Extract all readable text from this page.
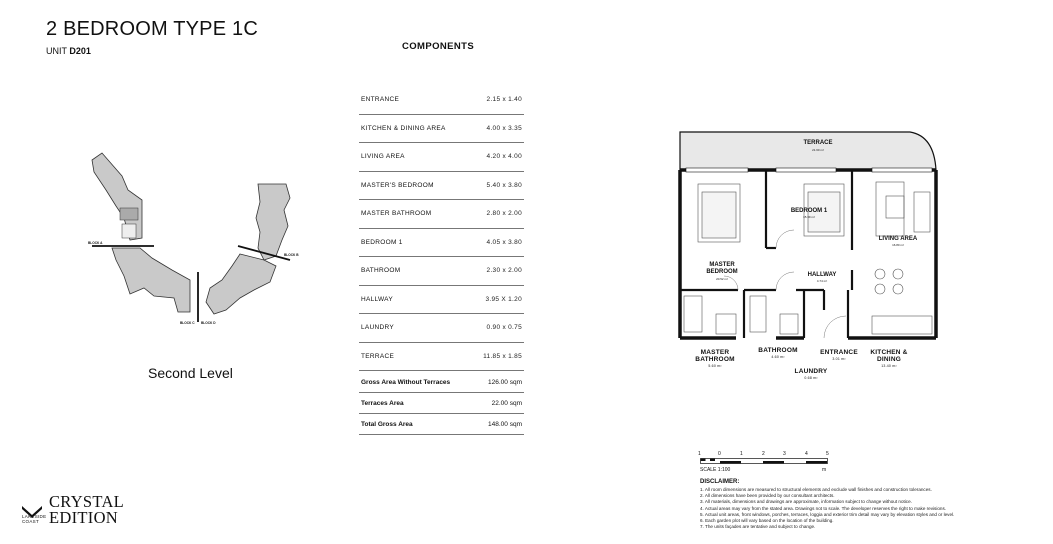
2 BEDROOM TYPE 1C
UNIT D201	COMPONENTS
ENTRANCE	2.15 x 1.40
KITCHEN & DINING AREA	4.00 x 3.35
LIVING AREA	4.20 x 4.00
MASTER'S BEDROOM	5.40 x 3.80
MASTER BATHROOM	2.80 x 2.00
BEDROOM 1	4.05 x 3.80
BATHROOM	2.30 x 2.00
HALLWAY	3.95 X 1.20
LAUNDRY	0.90 x 0.75
TERRACE	11.85 x 1.85
Gross Area Without Terraces	126.00 sqm
Terraces Area	22.00 sqm
Total Gross Area	148.00 sqm
BLOCK A
BLOCK B
BLOCK C BLOCK D
Second Level
TERRACE
21.60 m²
BEDROOM 1
15.39 m²
LIVING AREA
16.80 m²
MASTER
BEDROOM
20.52 m²
HALLWAY
4.74 m²
MASTER
BATHROOM
5.60 m²
BATHROOM
4.60 m²
ENTRANCE
3.01 m²
KITCHEN &
DINING
13.40 m²
LAUNDRY
0.68 m²
1	0	1	2	3	4	5
SCALE 1:100	m
DISCLAIMER:
1. All room dimensions are measured to structural elements and exclude wall finishes and construction tolerances.
2. All dimensions have been provided by our consultant architects.
3. All materials, dimensions and drawings are approximate, information subject to change without notice.
4. Actual areas may vary from the stated area. Drawings not to scale. The developer reserves the right to make revisions.
5. Actual unit areas, front windows, porches, terraces, loggia and exterior trim detail may vary by elevation styles and or level.
6. Each garden plot will vary based on the location of the building.
7. The units façades are tentative and subject to change.
LAKESIDE
COAST
CRYSTAL
EDITION
